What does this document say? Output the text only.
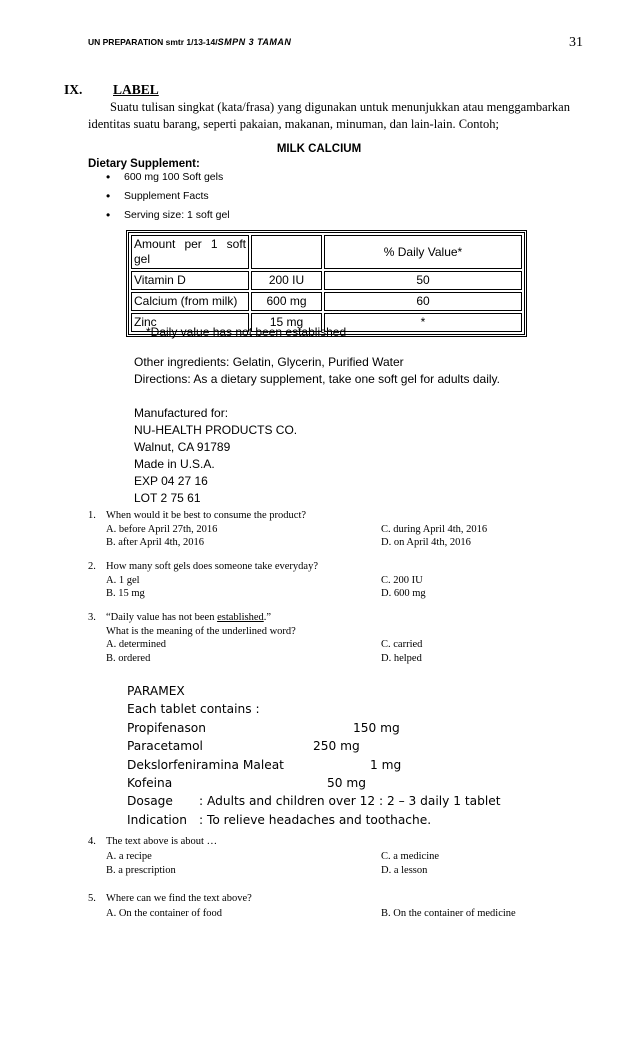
UN PREPARATION smtr 1/13-14/SMPN 3 TAMAN	31
IX. LABEL
Suatu tulisan singkat (kata/frasa) yang digunakan untuk menunjukkan atau menggambarkan identitas suatu barang, seperti pakaian, makanan, minuman, dan lain-lain. Contoh;
MILK CALCIUM
Dietary Supplement:
• 600 mg 100 Soft gels
• Supplement Facts
• Serving size: 1 soft gel
Amount per 1 soft gel		% Daily Value*
Vitamin D	200 IU	50
Calcium (from milk)	600 mg	60
Zinc	15 mg	*
*Daily value has not been established
Other ingredients: Gelatin, Glycerin, Purified Water
Directions: As a dietary supplement, take one soft gel for adults daily.
Manufactured for:
NU-HEALTH PRODUCTS CO.
Walnut, CA 91789
Made in U.S.A.
EXP 04 27 16
LOT 2 75 61
1. When would it be best to consume the product?
A. before April 27th, 2016
B. after April 4th, 2016
C. during April 4th, 2016
D. on April 4th, 2016
2. How many soft gels does someone take everyday?
A. 1 gel
B. 15 mg
C. 200 IU
D. 600 mg
3. “Daily value has not been established.”
What is the meaning of the underlined word?
A. determined
B. ordered
C. carried
D. helped
PARAMEX
Each tablet contains :
Propifenason	150 mg
Paracetamol	250 mg
Dekslorfeniramina Maleat	1 mg
Kofeina	50 mg
Dosage : Adults and children over 12 : 2 – 3 daily 1 tablet
Indication : To relieve headaches and toothache.
4. The text above is about …
A. a recipe
B. a prescription
C. a medicine
D. a lesson
5. Where can we find the text above?
A. On the container of food	B. On the container of medicine
